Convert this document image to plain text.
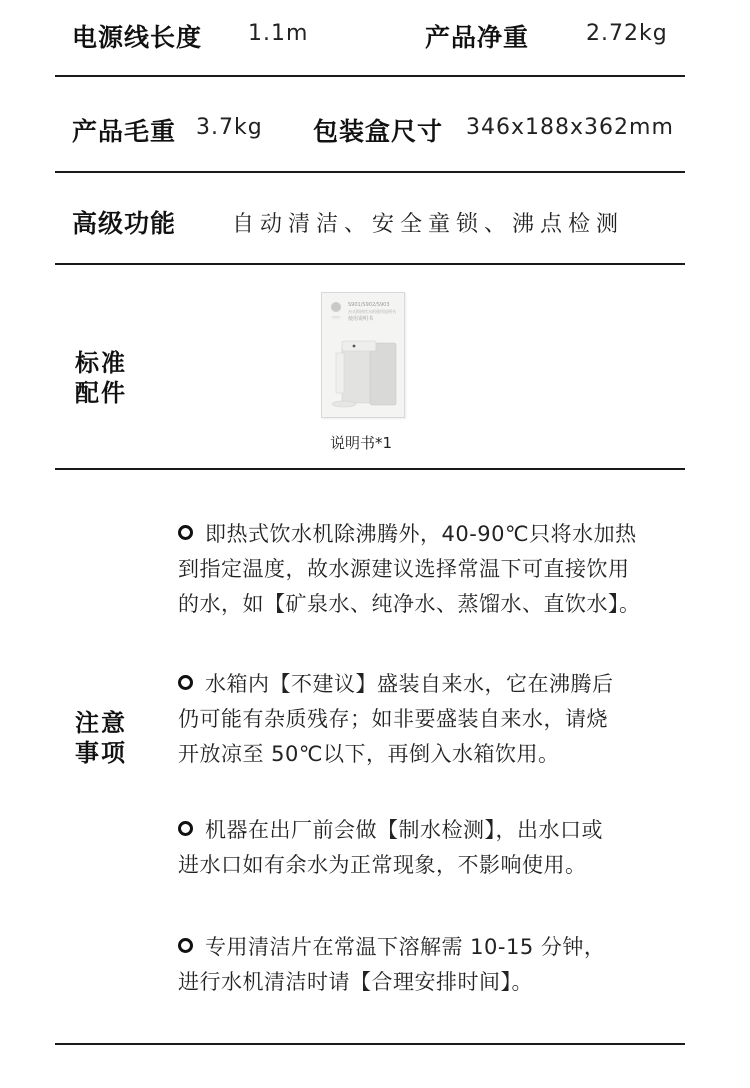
电源线长度 1.1m	产品净重	2.72kg
产品毛重 3.7kg 包装盒尺寸 346x188x362mm
高级功能	自动清洁、安全童锁、沸点检测
标准
配件
○○○
S901/S902/S903
台式即热饮水机使用说明书
使用说明书
说明书*1
注意
事项
即热式饮水机除沸腾外，40-90℃只将水加热
到指定温度，故水源建议选择常温下可直接饮用
的水，如【矿泉水、纯净水、蒸馏水、直饮水】。
水箱内【不建议】盛装自来水，它在沸腾后
仍可能有杂质残存；如非要盛装自来水，请烧
开放凉至 50℃以下，再倒入水箱饮用。
机器在出厂前会做【制水检测】，出水口或
进水口如有余水为正常现象，不影响使用。
专用清洁片在常温下溶解需 10-15 分钟，
进行水机清洁时请【合理安排时间】。
